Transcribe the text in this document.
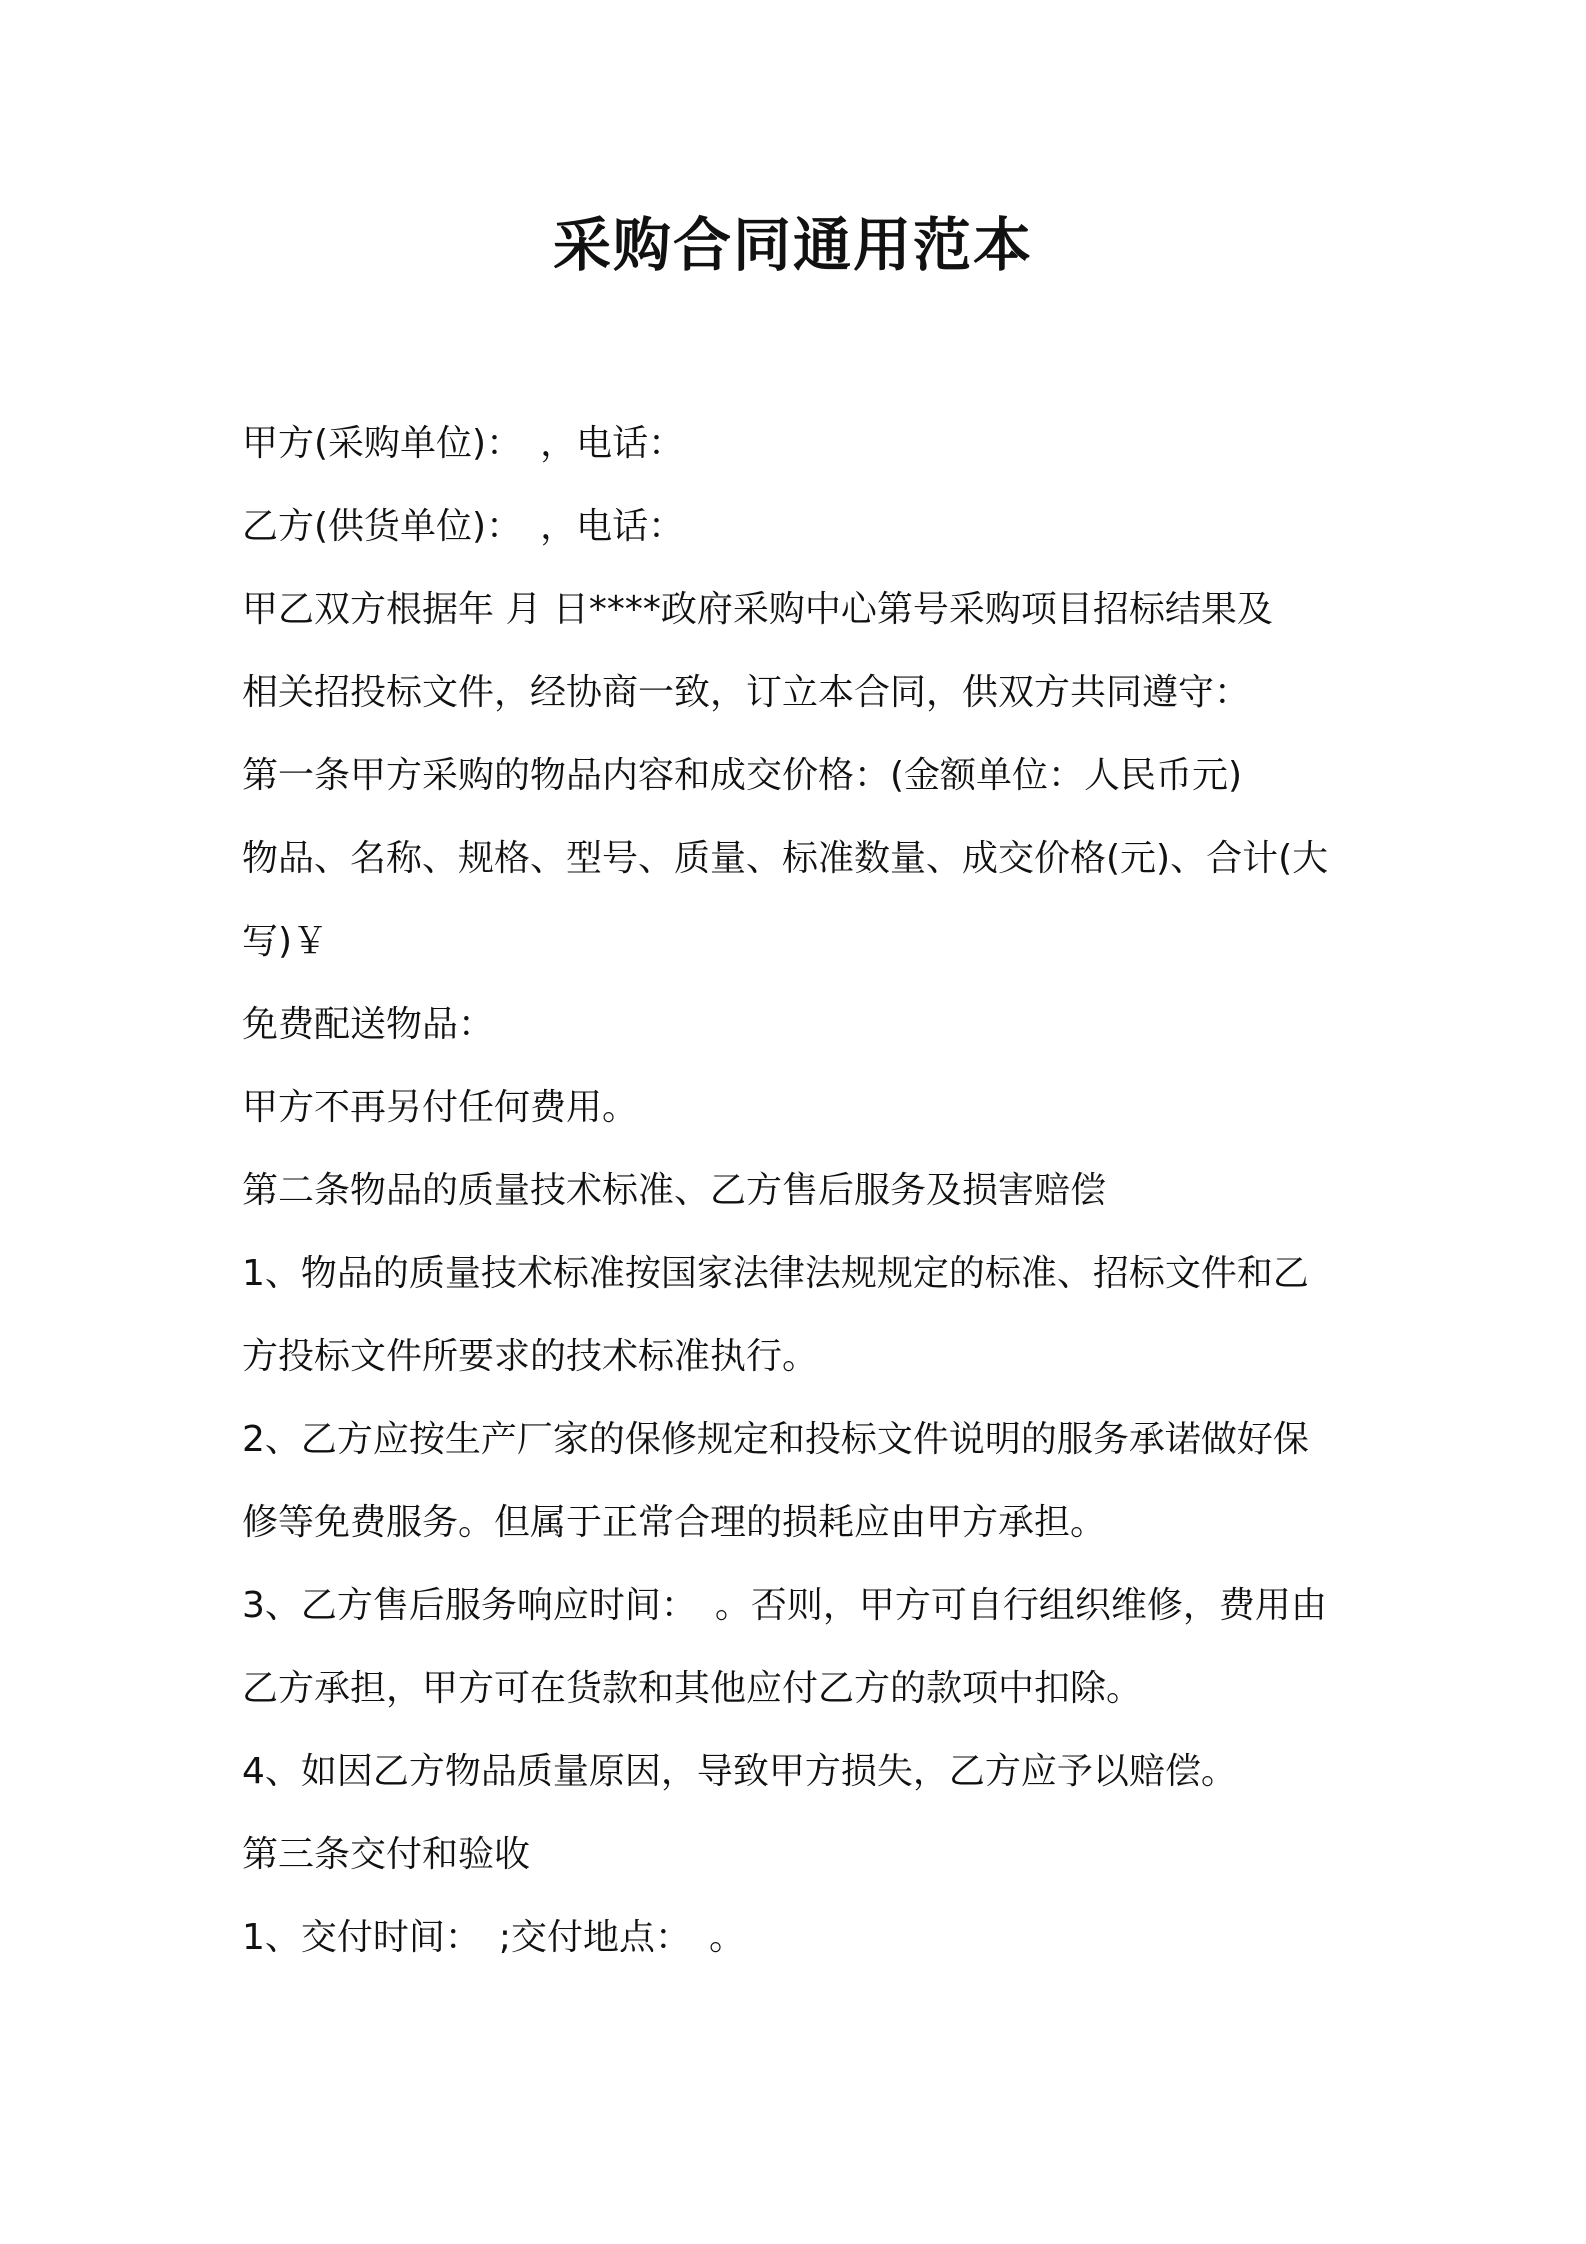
采购合同通用范本
甲方(采购单位)：　，电话：
乙方(供货单位)：　，电话：
甲乙双方根据年 月 日****政府采购中心第号采购项目招标结果及
相关招投标文件，经协商一致，订立本合同，供双方共同遵守：
第一条甲方采购的物品内容和成交价格：(金额单位：人民币元)
物品、名称、规格、型号、质量、标准数量、成交价格(元)、合计(大
写)￥
免费配送物品：
甲方不再另付任何费用。
第二条物品的质量技术标准、乙方售后服务及损害赔偿
1、物品的质量技术标准按国家法律法规规定的标准、招标文件和乙
方投标文件所要求的技术标准执行。
2、乙方应按生产厂家的保修规定和投标文件说明的服务承诺做好保
修等免费服务。但属于正常合理的损耗应由甲方承担。
3、乙方售后服务响应时间：　。否则，甲方可自行组织维修，费用由
乙方承担，甲方可在货款和其他应付乙方的款项中扣除。
4、如因乙方物品质量原因，导致甲方损失，乙方应予以赔偿。
第三条交付和验收
1、交付时间：　;交付地点：　。
